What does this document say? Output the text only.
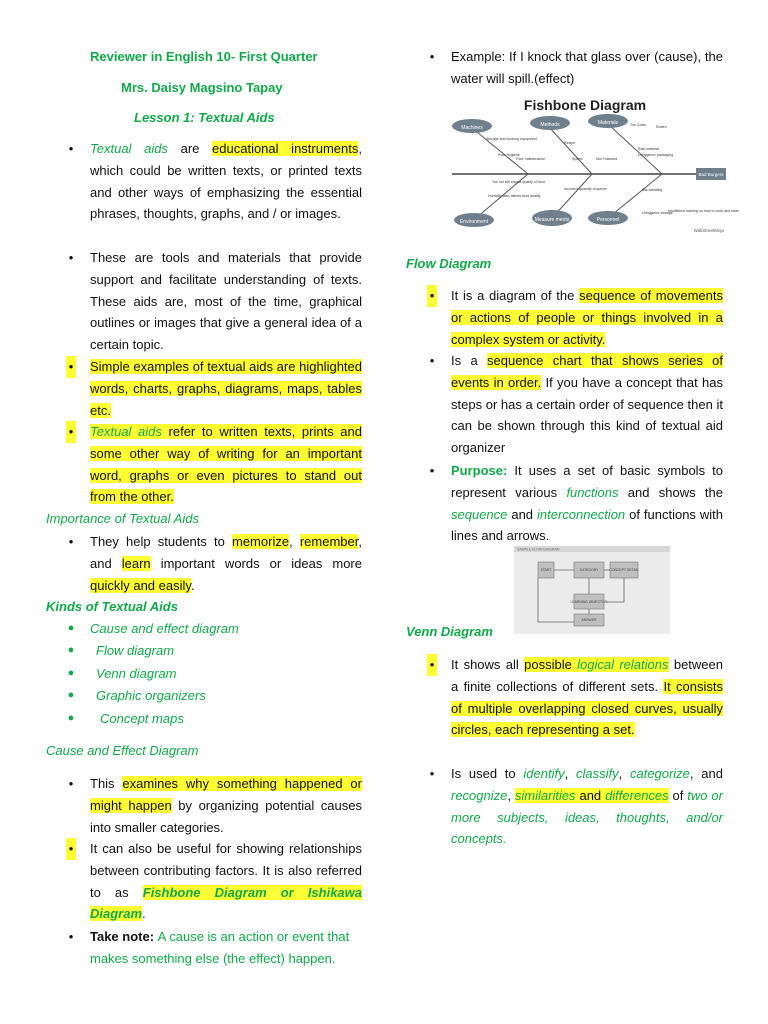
Reviewer in English 10- First Quarter
Mrs. Daisy Magsino Tapay
Lesson 1: Textual Aids
• Textual aids are educational instruments, which could be written texts, or printed texts and other ways of emphasizing the essential phrases, thoughts, graphs, and / or images.
• These are tools and materials that provide support and facilitate understanding of texts. These aids are, most of the time, graphical outlines or images that give a general idea of a certain topic.
• Simple examples of textual aids are highlighted words, charts, graphs, diagrams, maps, tables etc.
• Textual aids refer to written texts, prints and some other way of writing for an important word, graphs or even pictures to stand out from the other.
Importance of Textual Aids
• They help students to memorize, remember, and learn important words or ideas more quickly and easily.
Kinds of Textual Aids
● Cause and effect diagram
● Flow diagram
● Venn diagram
● Graphic organizers
● Concept maps
Cause and Effect Diagram
• This examines why something happened or might happen by organizing potential causes into smaller categories.
• It can also be useful for showing relationships between contributing factors. It is also referred to as Fishbone Diagram or Ishikawa Diagram.
• Take note: A cause is an action or event that makes something else (the effect) happen.
• Example: If I knock that glass over (cause), the water will spill.(effect)
Fishbone Diagram
Machines	Methods	Materials
Environment	Measure ments	Personnel
Bad Burgers
Storage and cooking equipment
Poor Hygiene
Poor maintenance
Recipe
Speed	Not Followed
Too Costs	Rotten
Raw material
Unhygienic packaging
Too hot will impact quality of food
Humidity also affects food quality
Incorrect quantity of spices	Mis-handling
Unhygienic storage
Insufficient training on how to cook and store
WallStreetMojo
Flow Diagram
• It is a diagram of the sequence of movements or actions of people or things involved in a complex system or activity.
• Is a sequence chart that shows series of events in order. If you have a concept that has steps or has a certain order of sequence then it can be shown through this kind of textual aid organizer
• Purpose: It uses a set of basic symbols to represent various functions and shows the sequence and interconnection of functions with lines and arrows.
SAMPLE FLOW DIAGRAM
START	CATEGORY	CONCEPT DETAIL
LEARNING OBJECTIVE
ANSWER
Venn Diagram
• It shows all possible logical relations between a finite collections of different sets. It consists of multiple overlapping closed curves, usually circles, each representing a set.
• Is used to identify, classify, categorize, and recognize, similarities and differences of two or more subjects, ideas, thoughts, and/or concepts.
